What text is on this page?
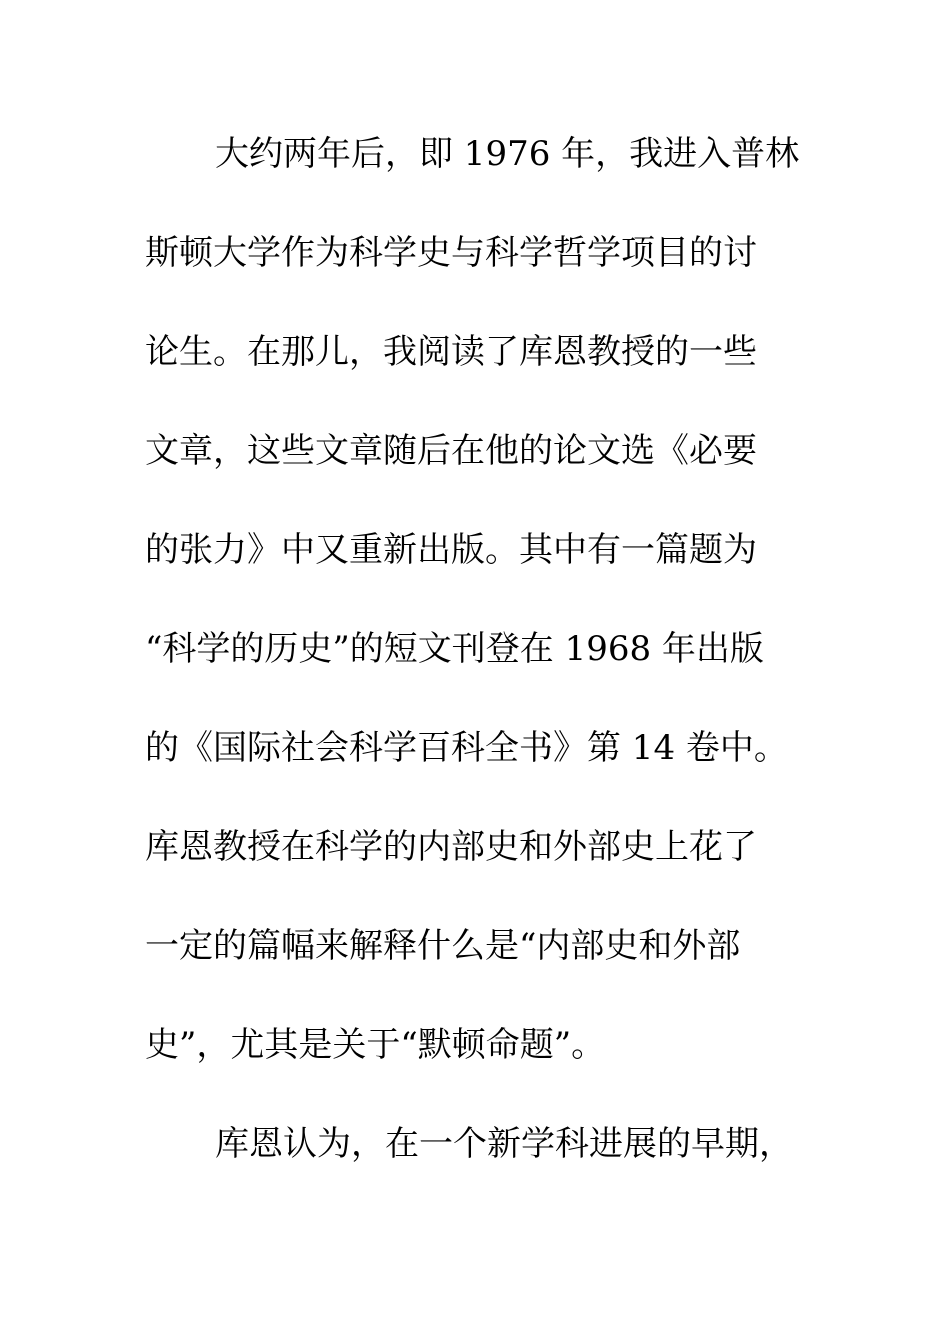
大约两年后，即 1976 年，我进入普林
斯顿大学作为科学史与科学哲学项目的讨
论生。在那儿，我阅读了库恩教授的一些
文章，这些文章随后在他的论文选《必要
的张力》中又重新出版。其中有一篇题为
“科学的历史”的短文刊登在 1968 年出版
的《国际社会科学百科全书》第 14 卷中。
库恩教授在科学的内部史和外部史上花了
一定的篇幅来解释什么是“内部史和外部
史”，尤其是关于“默顿命题”。
库恩认为，在一个新学科进展的早期，
